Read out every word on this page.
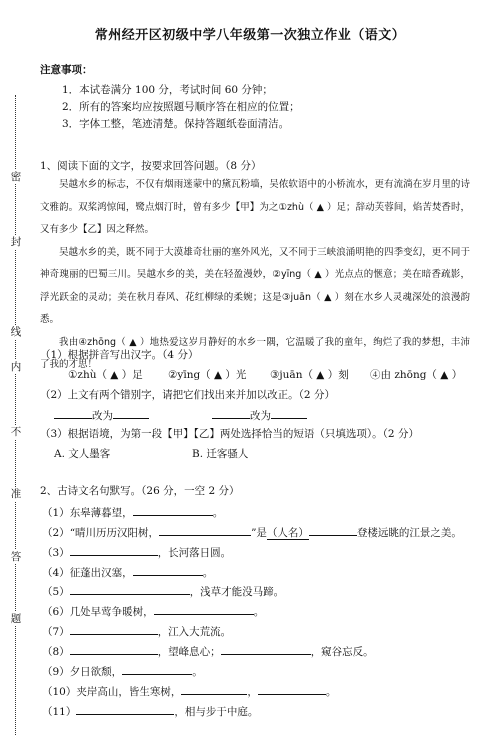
常州经开区初级中学八年级第一次独立作业（语文）
注意事项：
1．本试卷满分 100 分，考试时间 60 分钟；
2．所有的答案均应按照题号顺序答在相应的位置；
3．字体工整，笔迹清楚。保持答题纸卷面清洁。
密
封
线
内
不
准
答
题
1、阅读下面的文字，按要求回答问题。（8 分）

吴越水乡的标志，不仅有烟雨迷蒙中的黛瓦粉墙，吴侬软语中的小桥流水，更有流淌在岁月里的诗文雅韵。双桨鸿惊闻，鹭点烟汀时，曾有多少【甲】为之①zhù（ ▲ ）足；辞动芙蓉间，焰苦焚香时，又有多少【乙】因之释然。

吴越水乡的美，既不同于大漠雄奇壮丽的塞外风光，又不同于三峡浪涌明艳的四季变幻，更不同于神奇瑰丽的巴蜀三川。吴越水乡的美，美在轻盈漫妙，②yīng（ ▲ ）光点点的惬意；美在暗香疏影，浮光跃金的灵动；美在秋月春风、花红柳绿的柔婉；这是③juān（ ▲ ）刻在水乡人灵魂深处的浪漫韵悉。

我由④zhōng（ ▲ ）地热爱这岁月静好的水乡一隅，它温暖了我的童年，绚烂了我的梦想，丰沛了我的才思！

（1）根据拼音写出汉字。（4 分）
①zhù（ ▲ ）足 ②yīng（ ▲ ）光 ③juān（ ▲ ）刻 ④由 zhōng（ ▲ ）
（2）上文有两个错别字，请把它们找出来并加以改正。（2 分）
改为	改为
（3）根据语境，为第一段【甲】【乙】两处选择恰当的短语（只填选项）。（2 分）
A. 文人墨客	B. 迁客骚人
2、古诗文名句默写。（26 分，一空 2 分）
（1）东皋薄暮望，	。
（2）“晴川历历汉阳树，	”是（人名）	登楼远眺的江景之美。
（3）	，长河落日圆。
（4）征蓬出汉塞，	。
（5）	，浅草才能没马蹄。
（6）几处早莺争暖树，	。
（7）	，江入大荒流。
（8）	，望峰息心；	，窥谷忘反。
（9）夕日欲颓，	。
（10）夹岸高山，皆生寒树，	，	。
（11）	，相与步于中庭。
